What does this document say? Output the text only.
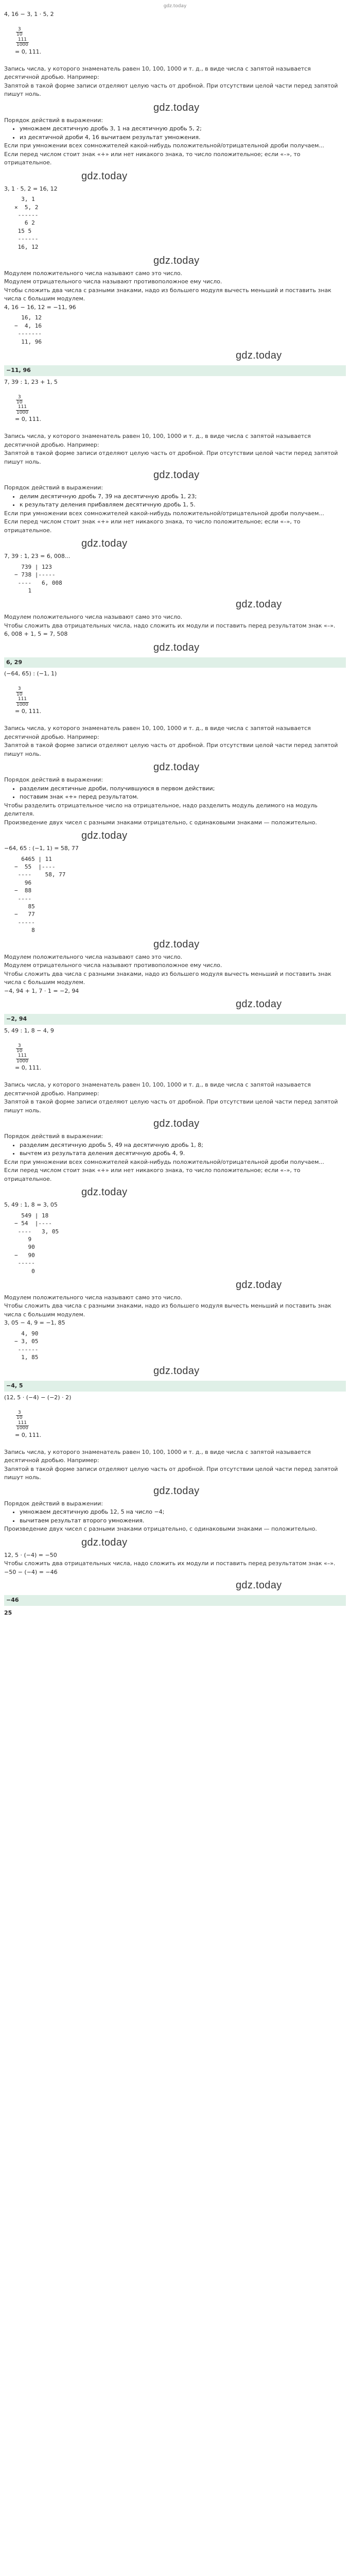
gdz.today

4, 16 − 3, 1 · 5, 2

$\frac{3}{10}$

$\frac{111}{1000}$

= 0, 111.

Запись числа, у которого знаменатель равен 10, 100, 1000 и т. д., в виде числа с запятой называется десятичной дробью. Например:

Запятой в такой форме записи отделяют целую часть от дробной. При отсутствии целой части перед запятой пишут ноль.

gdz.today

Порядок действий в выражении:

• умножаем десятичную дробь 3, 1 на десятичную дробь 5, 2;
• из десятичной дроби 4, 16 вычитаем результат умножения.

Если при умножении всех сомножителей какой-нибудь положительной/отрицательной дроби получаем...

Если перед числом стоит знак «+» или нет никакого знака, то число положительное; если «–», то отрицательное.

gdz.today

3, 1 · 5, 2 = 16, 12

3, 1
×  5, 2
------
6 2
15 5
------
16, 12
gdz.today

Модулем положительного числа называют само это число.

Модулем отрицательного числа называют противоположное ему число.

Чтобы сложить два числа с разными знаками, надо из большего модуля вычесть меньший и поставить знак числа с большим модулем.

4, 16 − 16, 12 = −11, 96

16, 12
−  4, 16
-------
11, 96
gdz.today
−11, 96

7, 39 : 1, 23 + 1, 5

$\frac{3}{10}$

$\frac{111}{1000}$

= 0, 111.

Запись числа, у которого знаменатель равен 10, 100, 1000 и т. д., в виде числа с запятой называется десятичной дробью. Например:

Запятой в такой форме записи отделяют целую часть от дробной. При отсутствии целой части перед запятой пишут ноль.

gdz.today

Порядок действий в выражении:

• делим десятичную дробь 7, 39 на десятичную дробь 1, 23;
• к результату деления прибавляем десятичную дробь 1, 5.

Если при умножении всех сомножителей какой-нибудь положительной/отрицательной дроби получаем...

Если перед числом стоит знак «+» или нет никакого знака, то число положительное; если «–», то отрицательное.

gdz.today

7, 39 : 1, 23 = 6, 008...

739 | 123
− 738 |-----
----   6, 008
1
gdz.today

Модулем положительного числа называют само это число.

Чтобы сложить два отрицательных числа, надо сложить их модули и поставить перед результатом знак «–».

6, 008 + 1, 5 = 7, 508

gdz.today
6, 29

(−64, 65) : (−1, 1)

$\frac{3}{10}$

$\frac{111}{1000}$

= 0, 111.

Запись числа, у которого знаменатель равен 10, 100, 1000 и т. д., в виде числа с запятой называется десятичной дробью. Например:

Запятой в такой форме записи отделяют целую часть от дробной. При отсутствии целой части перед запятой пишут ноль.

gdz.today

Порядок действий в выражении:

• разделим десятичные дроби, получившуюся в первом действии;
• поставим знак «+» перед результатом.

Чтобы разделить отрицательное число на отрицательное, надо разделить модуль делимого на модуль делителя.

Произведение двух чисел с разными знаками отрицательно, с одинаковыми знаками — положительно.

gdz.today

−64, 65 : (−1, 1) = 58, 77

6465 | 11
−  55  |----
----    58, 77
96
−  88
----
85
−   77
-----
8
gdz.today

Модулем положительного числа называют само это число.

Модулем отрицательного числа называют противоположное ему число.

Чтобы сложить два числа с разными знаками, надо из большего модуля вычесть меньший и поставить знак числа с большим модулем.

−4, 94 + 1, 7 · 1 = −2, 94

gdz.today
−2, 94

5, 49 : 1, 8 − 4, 9

$\frac{3}{10}$

$\frac{111}{1000}$

= 0, 111.

Запись числа, у которого знаменатель равен 10, 100, 1000 и т. д., в виде числа с запятой называется десятичной дробью. Например:

Запятой в такой форме записи отделяют целую часть от дробной. При отсутствии целой части перед запятой пишут ноль.

gdz.today

Порядок действий в выражении:

• разделим десятичную дробь 5, 49 на десятичную дробь 1, 8;
• вычтем из результата деления десятичную дробь 4, 9.

Если при умножении всех сомножителей какой-нибудь положительной/отрицательной дроби получаем...

Если перед числом стоит знак «+» или нет никакого знака, то число положительное; если «–», то отрицательное.

gdz.today

5, 49 : 1, 8 = 3, 05

549 | 18
− 54  |----
----   3, 05
9
90
−   90
-----
0
gdz.today

Модулем положительного числа называют само это число.

Чтобы сложить два числа с разными знаками, надо из большего модуля вычесть меньший и поставить знак числа с большим модулем.

3, 05 − 4, 9 = −1, 85

4, 90
− 3, 05
------
1, 85
gdz.today
−4, 5

(12, 5 · (−4) − (−2) · 2)

$\frac{3}{10}$

$\frac{111}{1000}$

= 0, 111.

Запись числа, у которого знаменатель равен 10, 100, 1000 и т. д., в виде числа с запятой называется десятичной дробью. Например:

Запятой в такой форме записи отделяют целую часть от дробной. При отсутствии целой части перед запятой пишут ноль.

gdz.today

Порядок действий в выражении:

• умножаем десятичную дробь 12, 5 на число −4;
• вычитаем результат второго умножения.

Произведение двух чисел с разными знаками отрицательно, с одинаковыми знаками — положительно.

gdz.today

12, 5 · (−4) = −50

Чтобы сложить два отрицательных числа, надо сложить их модули и поставить перед результатом знак «–».

−50 − (−4) = −46

gdz.today
−46
25
